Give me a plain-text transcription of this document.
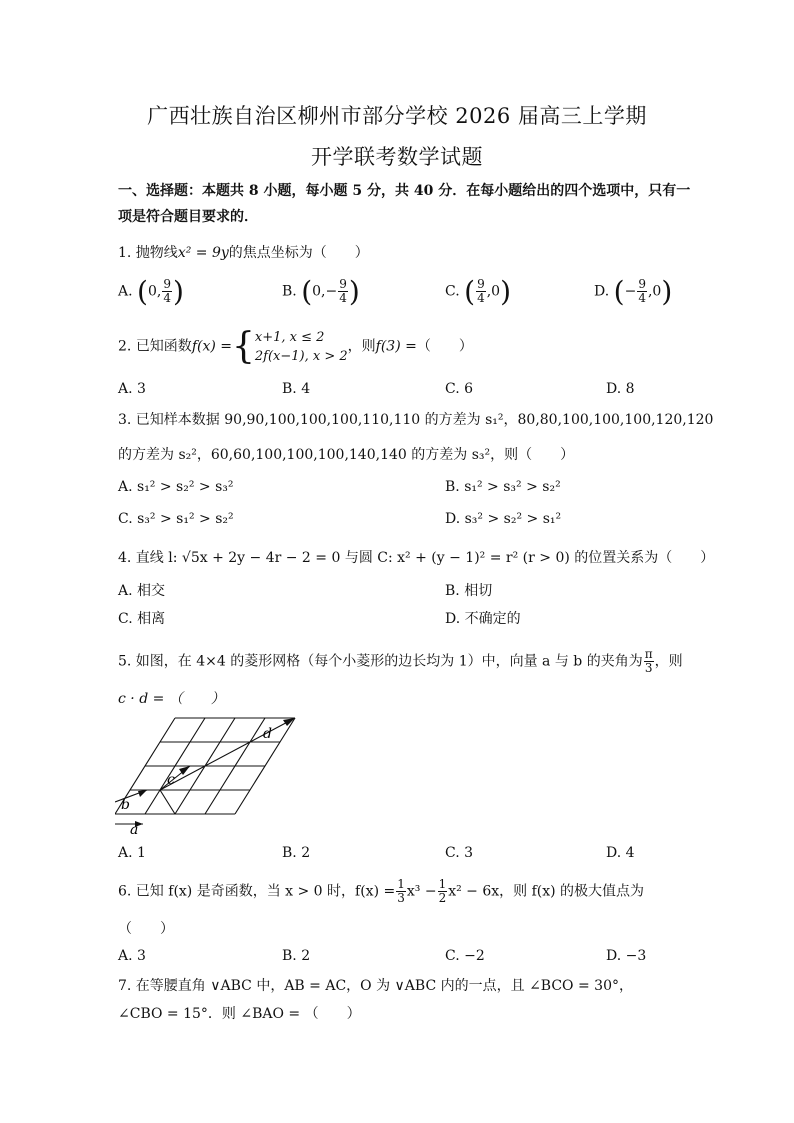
广西壮族自治区柳州市部分学校 2026 届高三上学期
开学联考数学试题
一、选择题：本题共 8 小题，每小题 5 分，共 40 分．在每小题给出的四个选项中，只有一
项是符合题目要求的．
1. 抛物线x² = 9y的焦点坐标为（　　）
A. (0, $\frac{9}{4}$ )	B. ($0,- \frac{9}{4}$ )	C. ( $\frac{9}{4} ,0$)	D. (− $\frac{9}{4} ,0$)
2. 已知函数f(x) ={ x+1, x ≤ 2
2f(x−1), x > 2
，则f(3) =（　　）
A. 3	B. 4	C. 6	D. 8
3. 已知样本数据 90,90,100,100,100,110,110 的方差为 s₁²，80,80,100,100,100,120,120
的方差为 s₂²，60,60,100,100,100,140,140 的方差为 s₃²，则（　　）
A. s₁² > s₂² > s₃²	B. s₁² > s₃² > s₂²
C. s₃² > s₁² > s₂²	D. s₃² > s₂² > s₁²
4. 直线 l: √5x + 2y − 4r − 2 = 0 与圆 C: x² + (y − 1)² = r² (r > 0) 的位置关系为（　　）
A. 相交	B. 相切
C. 相离	D. 不确定的
5. 如图，在 4×4 的菱形网格（每个小菱形的边长均为 1）中，向量 a 与 b 的夹角为 $\frac{\pi}{3}$ ，则
c · d = （　　）
a
b
c
d
A. 1	B. 2	C. 3	D. 4
6. 已知 f(x) 是奇函数，当 x > 0 时，$f(x) = \frac{1}{3} x^3 - \frac{1}{2} x^2 - 6x$，则 f(x) 的极大值点为
（　　）
A. 3	B. 2	C. −2	D. −3
7. 在等腰直角 ∨ABC 中，AB = AC，O 为 ∨ABC 内的一点，且 ∠BCO = 30°，
∠CBO = 15°．则 ∠BAO = （　　）
